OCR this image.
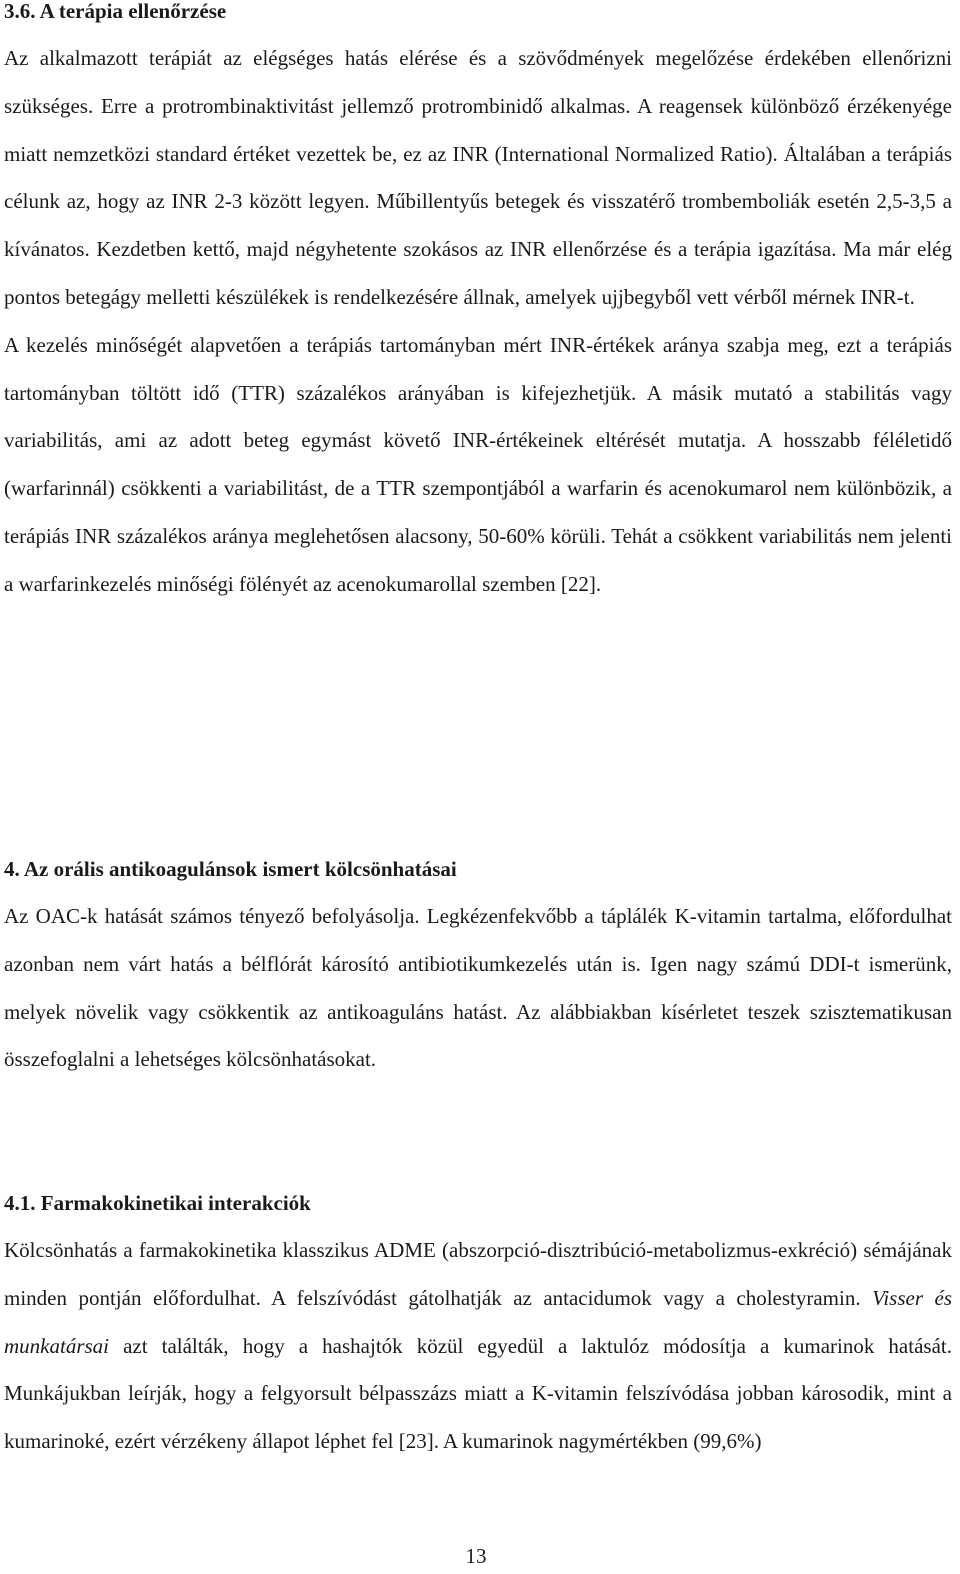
3.6. A terápia ellenőrzése

Az alkalmazott terápiát az elégséges hatás elérése és a szövődmények megelőzése érdekében ellenőrizni szükséges. Erre a protrombinaktivitást jellemző protrombinidő alkalmas. A reagensek különböző érzékenyége miatt nemzetközi standard értéket vezettek be, ez az INR (International Normalized Ratio). Általában a terápiás célunk az, hogy az INR 2-3 között legyen. Műbillentyűs betegek és visszatérő trombemboliák esetén 2,5-3,5 a kívánatos. Kezdetben kettő, majd négyhetente szokásos az INR ellenőrzése és a terápia igazítása. Ma már elég pontos betegágy melletti készülékek is rendelkezésére állnak, amelyek ujjbegyből vett vérből mérnek INR-t.

A kezelés minőségét alapvetően a terápiás tartományban mért INR-értékek aránya szabja meg, ezt a terápiás tartományban töltött idő (TTR) százalékos arányában is kifejezhetjük. A másik mutató a stabilitás vagy variabilitás, ami az adott beteg egymást követő INR-értékeinek eltérését mutatja. A hosszabb féléletidő (warfarinnál) csökkenti a variabilitást, de a TTR szempontjából a warfarin és acenokumarol nem különbözik, a terápiás INR százalékos aránya meglehetősen alacsony, 50-60% körüli. Tehát a csökkent variabilitás nem jelenti a warfarinkezelés minőségi fölényét az acenokumarollal szemben [22].

4. Az orális antikoagulánsok ismert kölcsönhatásai

Az OAC-k hatását számos tényező befolyásolja. Legkézenfekvőbb a táplálék K-vitamin tartalma, előfordulhat azonban nem várt hatás a bélflórát károsító antibiotikumkezelés után is. Igen nagy számú DDI-t ismerünk, melyek növelik vagy csökkentik az antikoaguláns hatást. Az alábbiakban kísérletet teszek szisztematikusan összefoglalni a lehetséges kölcsönhatásokat.

4.1. Farmakokinetikai interakciók

Kölcsönhatás a farmakokinetika klasszikus ADME (abszorpció-disztribúció-metabolizmus-exkréció) sémájának minden pontján előfordulhat. A felszívódást gátolhatják az antacidumok vagy a cholestyramin. Visser és munkatársai azt találták, hogy a hashajtók közül egyedül a laktulóz módosítja a kumarinok hatását. Munkájukban leírják, hogy a felgyorsult bélpasszázs miatt a K-vitamin felszívódása jobban károsodik, mint a kumarinoké, ezért vérzékeny állapot léphet fel [23]. A kumarinok nagymértékben (99,6%)

13
